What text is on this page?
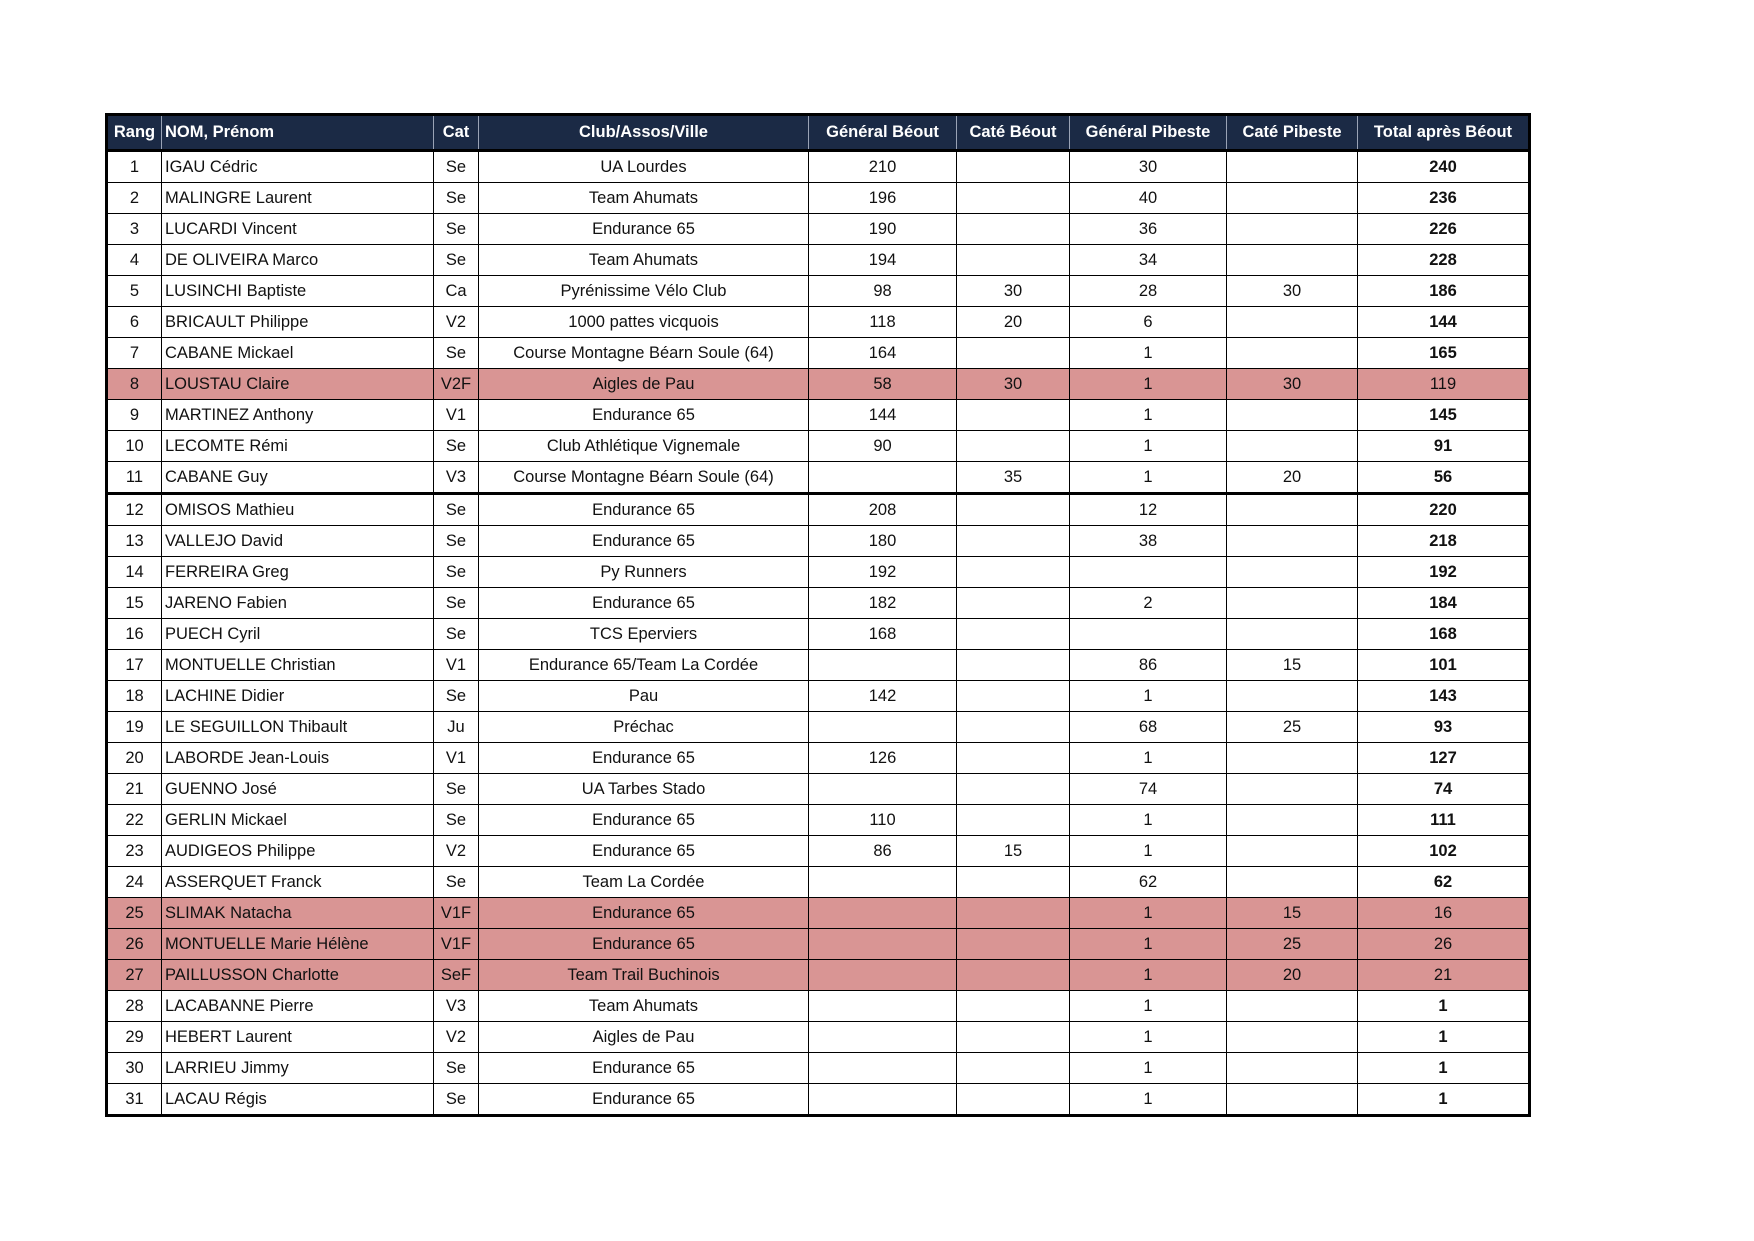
Rang	NOM, Prénom	Cat	Club/Assos/Ville	Général Béout	Caté Béout	Général Pibeste	Caté Pibeste	Total après Béout
1	IGAU Cédric	Se	UA Lourdes	210		30		240
2	MALINGRE Laurent	Se	Team Ahumats	196		40		236
3	LUCARDI Vincent	Se	Endurance 65	190		36		226
4	DE OLIVEIRA Marco	Se	Team Ahumats	194		34		228
5	LUSINCHI Baptiste	Ca	Pyrénissime Vélo Club	98	30	28	30	186
6	BRICAULT Philippe	V2	1000 pattes vicquois	118	20	6		144
7	CABANE Mickael	Se	Course Montagne Béarn Soule (64)	164		1		165
8	LOUSTAU Claire	V2F	Aigles de Pau	58	30	1	30	119
9	MARTINEZ Anthony	V1	Endurance 65	144		1		145
10	LECOMTE Rémi	Se	Club Athlétique Vignemale	90		1		91
11	CABANE Guy	V3	Course Montagne Béarn Soule (64)		35	1	20	56
12	OMISOS Mathieu	Se	Endurance 65	208		12		220
13	VALLEJO David	Se	Endurance 65	180		38		218
14	FERREIRA Greg	Se	Py Runners	192				192
15	JARENO Fabien	Se	Endurance 65	182		2		184
16	PUECH Cyril	Se	TCS Eperviers	168				168
17	MONTUELLE Christian	V1	Endurance 65/Team La Cordée			86	15	101
18	LACHINE Didier	Se	Pau	142		1		143
19	LE SEGUILLON Thibault	Ju	Préchac			68	25	93
20	LABORDE Jean-Louis	V1	Endurance 65	126		1		127
21	GUENNO José	Se	UA Tarbes Stado			74		74
22	GERLIN Mickael	Se	Endurance 65	110		1		111
23	AUDIGEOS Philippe	V2	Endurance 65	86	15	1		102
24	ASSERQUET Franck	Se	Team La Cordée			62		62
25	SLIMAK Natacha	V1F	Endurance 65			1	15	16
26	MONTUELLE Marie Hélène	V1F	Endurance 65			1	25	26
27	PAILLUSSON Charlotte	SeF	Team Trail Buchinois			1	20	21
28	LACABANNE Pierre	V3	Team Ahumats			1		1
29	HEBERT Laurent	V2	Aigles de Pau			1		1
30	LARRIEU Jimmy	Se	Endurance 65			1		1
31	LACAU Régis	Se	Endurance 65			1		1
